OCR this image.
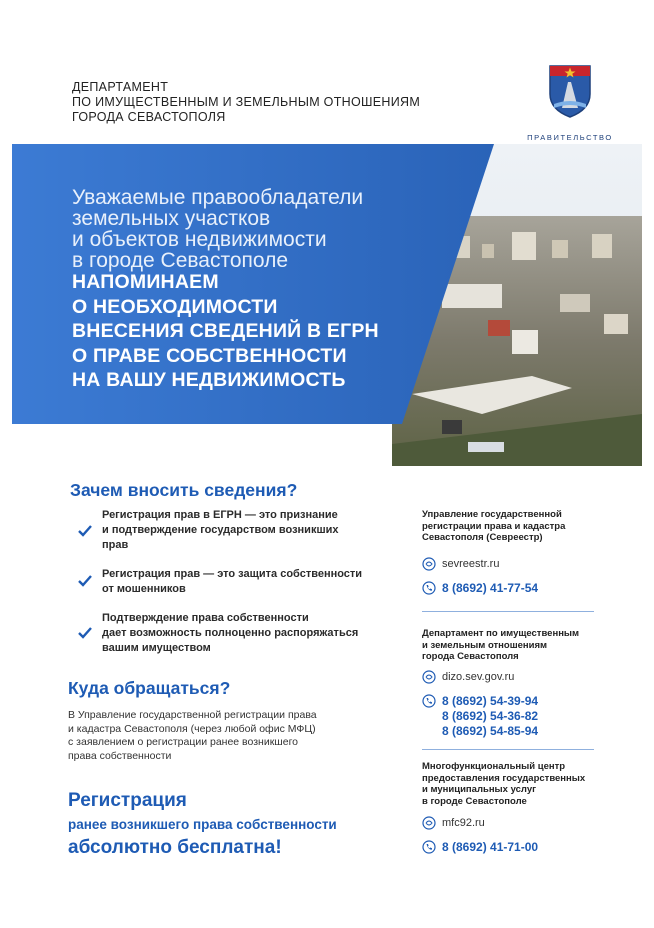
ДЕПАРТАМЕНТ
ПО ИМУЩЕСТВЕННЫМ И ЗЕМЕЛЬНЫМ ОТНОШЕНИЯМ
ГОРОДА СЕВАСТОПОЛЯ
ПРАВИТЕЛЬСТВО
Уважаемые правообладатели
земельных участков
и объектов недвижимости
в городе Севастополе
НАПОМИНАЕМ
О НЕОБХОДИМОСТИ
ВНЕСЕНИЯ СВЕДЕНИЙ В ЕГРН
О ПРАВЕ СОБСТВЕННОСТИ
НА ВАШУ НЕДВИЖИМОСТЬ
Зачем вносить сведения?
Регистрация прав в ЕГРН — это признание
и подтверждение государством возникших
прав
Регистрация прав — это защита собственности
от мошенников
Подтверждение права собственности
дает возможность полноценно распоряжаться
вашим имуществом
Куда обращаться?
В Управление государственной регистрации права
и кадастра Севастополя (через любой офис МФЦ)
с заявлением о регистрации ранее возникшего
права собственности
Регистрация
ранее возникшего права собственности
абсолютно бесплатна!
Управление государственной
регистрации права и кадастра
Севастополя (Севреестр)
sevreestr.ru
8 (8692) 41-77-54
Департамент по имущественным
и земельным отношениям
города Севастополя
dizo.sev.gov.ru
8 (8692) 54-39-94
8 (8692) 54-36-82
8 (8692) 54-85-94
Многофункциональный центр
предоставления государственных
и муниципальных услуг
в городе Севастополе
mfc92.ru
8 (8692) 41-71-00
